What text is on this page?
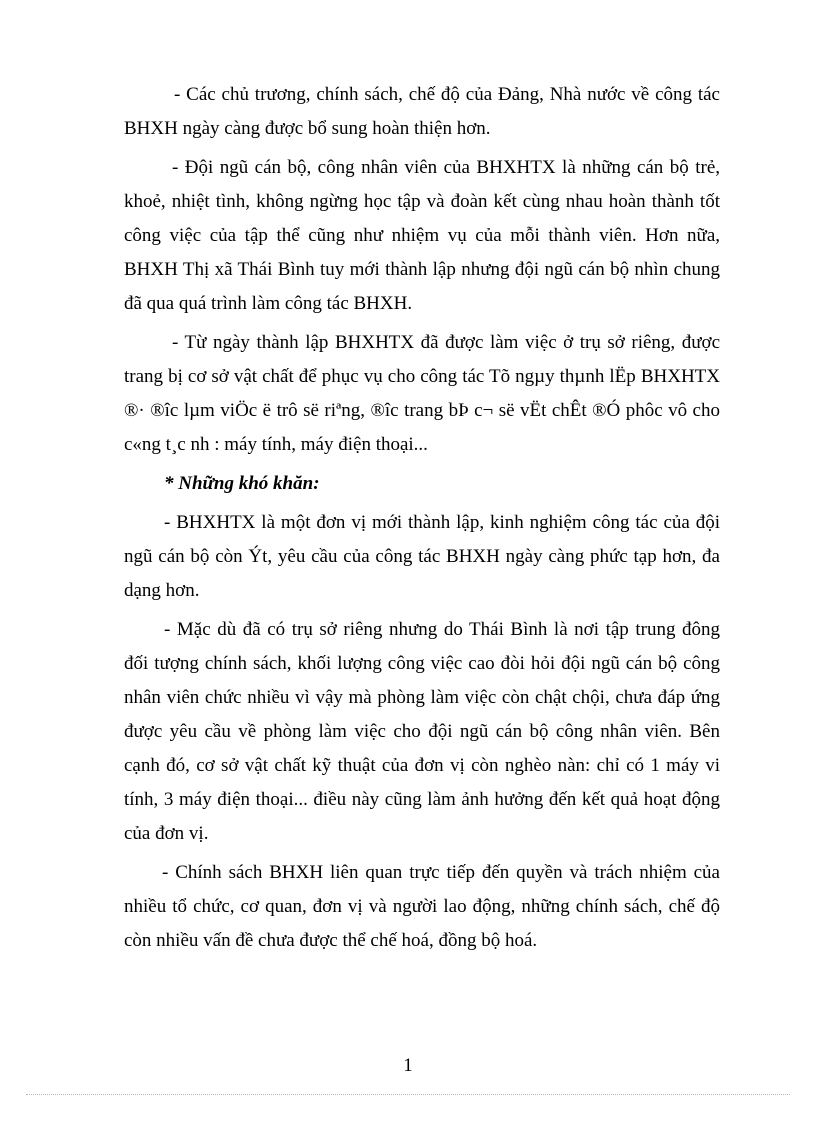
- Các chủ trương, chính sách, chế độ của Đảng, Nhà nước về công tác BHXH ngày càng được bổ sung hoàn thiện hơn.

- Đội ngũ cán bộ, công nhân viên của BHXHTX là những cán bộ trẻ, khoẻ, nhiệt tình, không ngừng học tập và đoàn kết cùng nhau hoàn thành tốt công việc của tập thể cũng như nhiệm vụ của mỗi thành viên. Hơn nữa, BHXH Thị xã Thái Bình tuy mới thành lập nhưng đội ngũ cán bộ nhìn chung đã qua quá trình làm công tác BHXH.

- Từ ngày thành lập BHXHTX đã được làm việc ở trụ sở riêng, được trang bị cơ sở vật chất để phục vụ cho công tác Tõ ngµy thµnh lËp BHXHTX ®· ®îc lµm viÖc ë trô së riªng, ®îc trang bÞ c¬ së vËt chÊt ®Ó phôc vô cho c«ng t¸c nh : máy tính, máy điện thoại...

* Những khó khăn:

- BHXHTX là một đơn vị mới thành lập, kinh nghiệm công tác của đội ngũ cán bộ còn Ýt, yêu cầu của công tác BHXH ngày càng phức tạp hơn, đa dạng hơn.

- Mặc dù đã có trụ sở riêng nhưng do Thái Bình là nơi tập trung đông đối tượng chính sách, khối lượng công việc cao đòi hỏi đội ngũ cán bộ công nhân viên chức nhiều vì vậy mà phòng làm việc còn chật chội, chưa đáp ứng được yêu cầu về phòng làm việc cho đội ngũ cán bộ công nhân viên. Bên cạnh đó, cơ sở vật chất kỹ thuật của đơn vị còn nghèo nàn: chỉ có 1 máy vi tính, 3 máy điện thoại... điều này cũng làm ảnh hưởng đến kết quả hoạt động của đơn vị.

- Chính sách BHXH liên quan trực tiếp đến quyền và trách nhiệm của nhiều tổ chức, cơ quan, đơn vị và người lao động, những chính sách, chế độ còn nhiều vấn đề chưa được thể chế hoá, đồng bộ hoá.

1
